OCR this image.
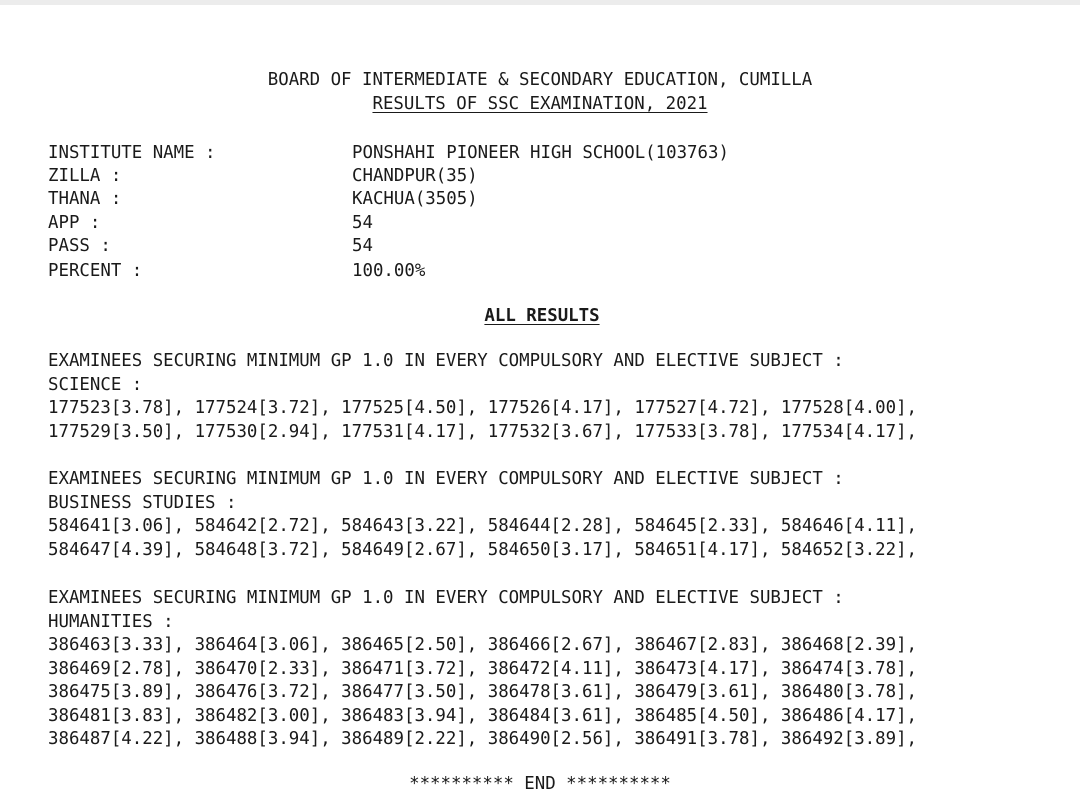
BOARD OF INTERMEDIATE & SECONDARY EDUCATION, CUMILLA
RESULTS OF SSC EXAMINATION, 2021
INSTITUTE NAME :	PONSHAHI PIONEER HIGH SCHOOL(103763)
ZILLA :	CHANDPUR(35)
THANA :	KACHUA(3505)
APP :	54
PASS :	54
PERCENT :	100.00%
ALL RESULTS
EXAMINEES SECURING MINIMUM GP 1.0 IN EVERY COMPULSORY AND ELECTIVE SUBJECT :
SCIENCE :
177523[3.78], 177524[3.72], 177525[4.50], 177526[4.17], 177527[4.72], 177528[4.00],
177529[3.50], 177530[2.94], 177531[4.17], 177532[3.67], 177533[3.78], 177534[4.17],
EXAMINEES SECURING MINIMUM GP 1.0 IN EVERY COMPULSORY AND ELECTIVE SUBJECT :
BUSINESS STUDIES :
584641[3.06], 584642[2.72], 584643[3.22], 584644[2.28], 584645[2.33], 584646[4.11],
584647[4.39], 584648[3.72], 584649[2.67], 584650[3.17], 584651[4.17], 584652[3.22],
EXAMINEES SECURING MINIMUM GP 1.0 IN EVERY COMPULSORY AND ELECTIVE SUBJECT :
HUMANITIES :
386463[3.33], 386464[3.06], 386465[2.50], 386466[2.67], 386467[2.83], 386468[2.39],
386469[2.78], 386470[2.33], 386471[3.72], 386472[4.11], 386473[4.17], 386474[3.78],
386475[3.89], 386476[3.72], 386477[3.50], 386478[3.61], 386479[3.61], 386480[3.78],
386481[3.83], 386482[3.00], 386483[3.94], 386484[3.61], 386485[4.50], 386486[4.17],
386487[4.22], 386488[3.94], 386489[2.22], 386490[2.56], 386491[3.78], 386492[3.89],
********** END **********
